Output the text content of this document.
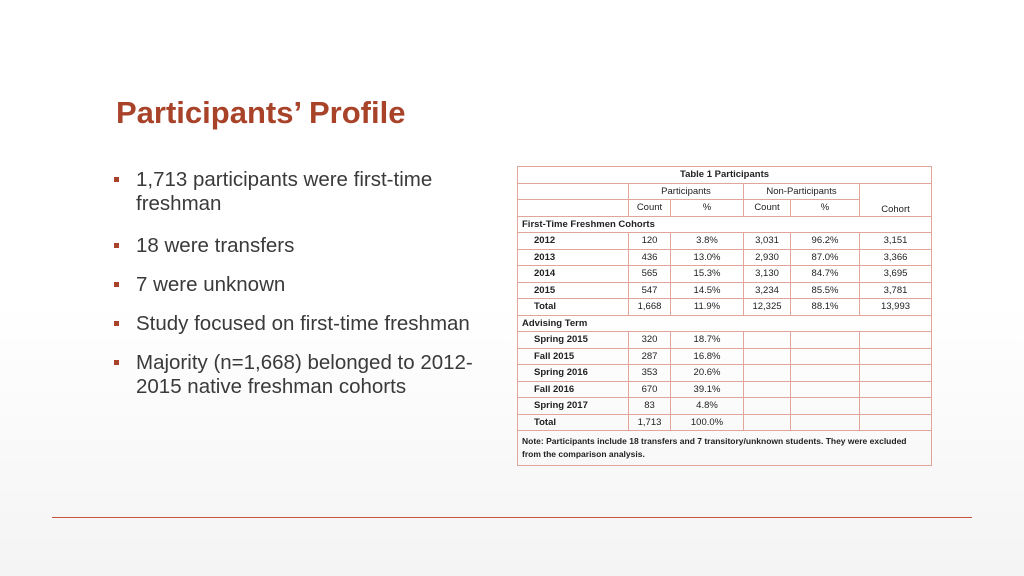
Participants’ Profile
1,713 participants were first-time freshman
18 were transfers
7 were unknown
Study focused on first-time freshman
Majority (n=1,668) belonged to 2012-2015 native freshman cohorts
Table 1 Participants					
	Participants		Non-Participants		Cohort
	Count	%	Count	%	
First-Time Freshmen Cohorts					
2012	120	3.8%	3,031	96.2%	3,151
2013	436	13.0%	2,930	87.0%	3,366
2014	565	15.3%	3,130	84.7%	3,695
2015	547	14.5%	3,234	85.5%	3,781
Total	1,668	11.9%	12,325	88.1%	13,993
Advising Term					
Spring 2015	320	18.7%			
Fall 2015	287	16.8%			
Spring 2016	353	20.6%			
Fall 2016	670	39.1%			
Spring 2017	83	4.8%			
Total	1,713	100.0%			
Note: Participants include 18 transfers and 7 transitory/unknown students. They were excluded from the comparison analysis.					
